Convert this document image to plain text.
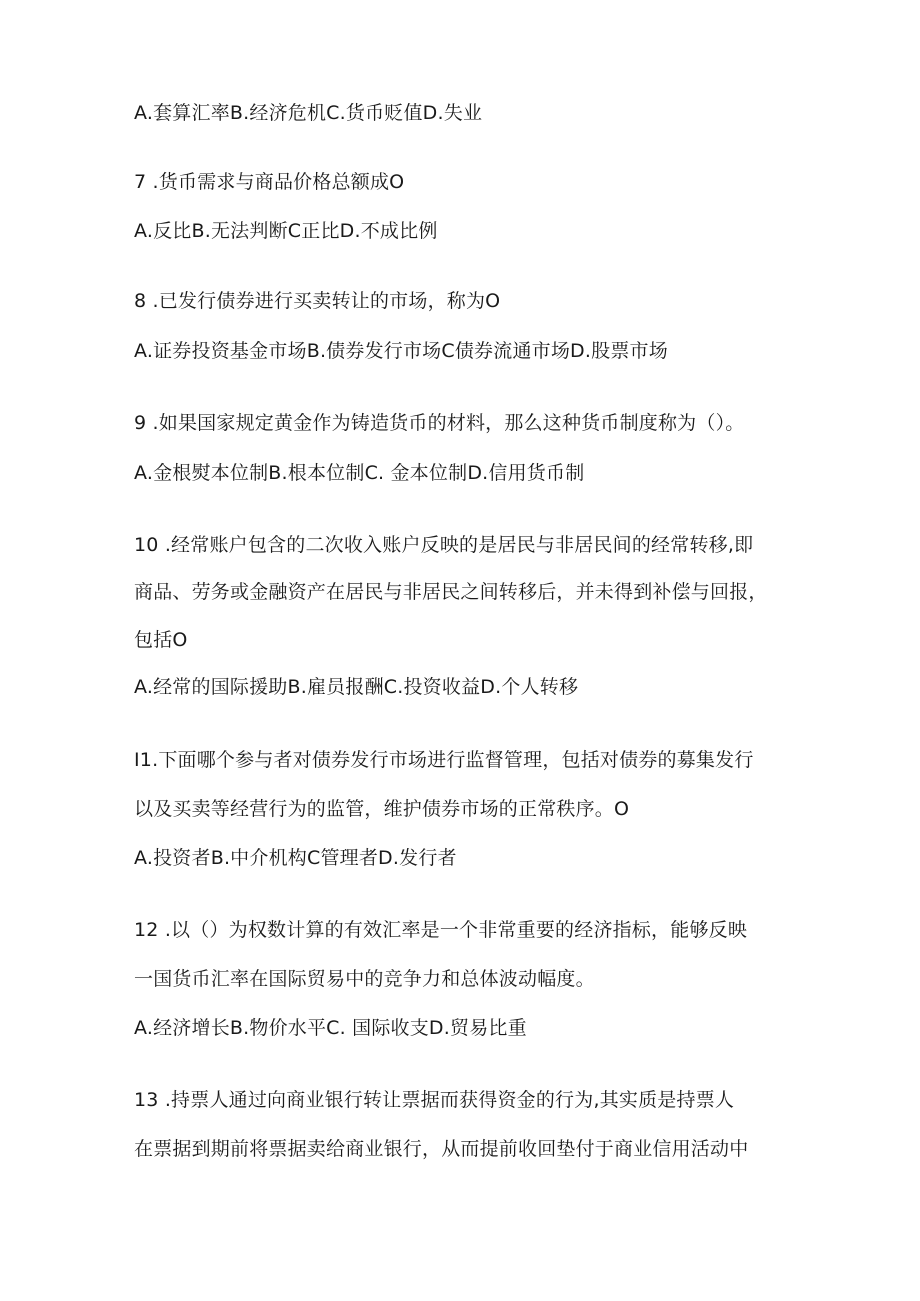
A.套算汇率B.经济危机C.货币贬值D.失业
7 .货币需求与商品价格总额成O
A.反比B.无法判断C正比D.不成比例
8 .已发行债券进行买卖转让的市场，称为O
A.证券投资基金市场B.债券发行市场C债券流通市场D.股票市场
9 .如果国家规定黄金作为铸造货币的材料，那么这种货币制度称为（）。
A.金根熨本位制B.根本位制C. 金本位制D.信用货币制
10 .经常账户包含的二次收入账户反映的是居民与非居民间的经常转移,即
商品、劳务或金融资产在居民与非居民之间转移后，并未得到补偿与回报，
包括O
A.经常的国际援助B.雇员报酬C.投资收益D.个人转移
I1.下面哪个参与者对债券发行市场进行监督管理，包括对债券的募集发行
以及买卖等经营行为的监管，维护债券市场的正常秩序。O
A.投资者B.中介机构C管理者D.发行者
12 .以（）为权数计算的有效汇率是一个非常重要的经济指标，能够反映
一国货币汇率在国际贸易中的竞争力和总体波动幅度。
A.经济增长B.物价水平C. 国际收支D.贸易比重
13 .持票人通过向商业银行转让票据而获得资金的行为,其实质是持票人
在票据到期前将票据卖给商业银行，从而提前收回垫付于商业信用活动中
